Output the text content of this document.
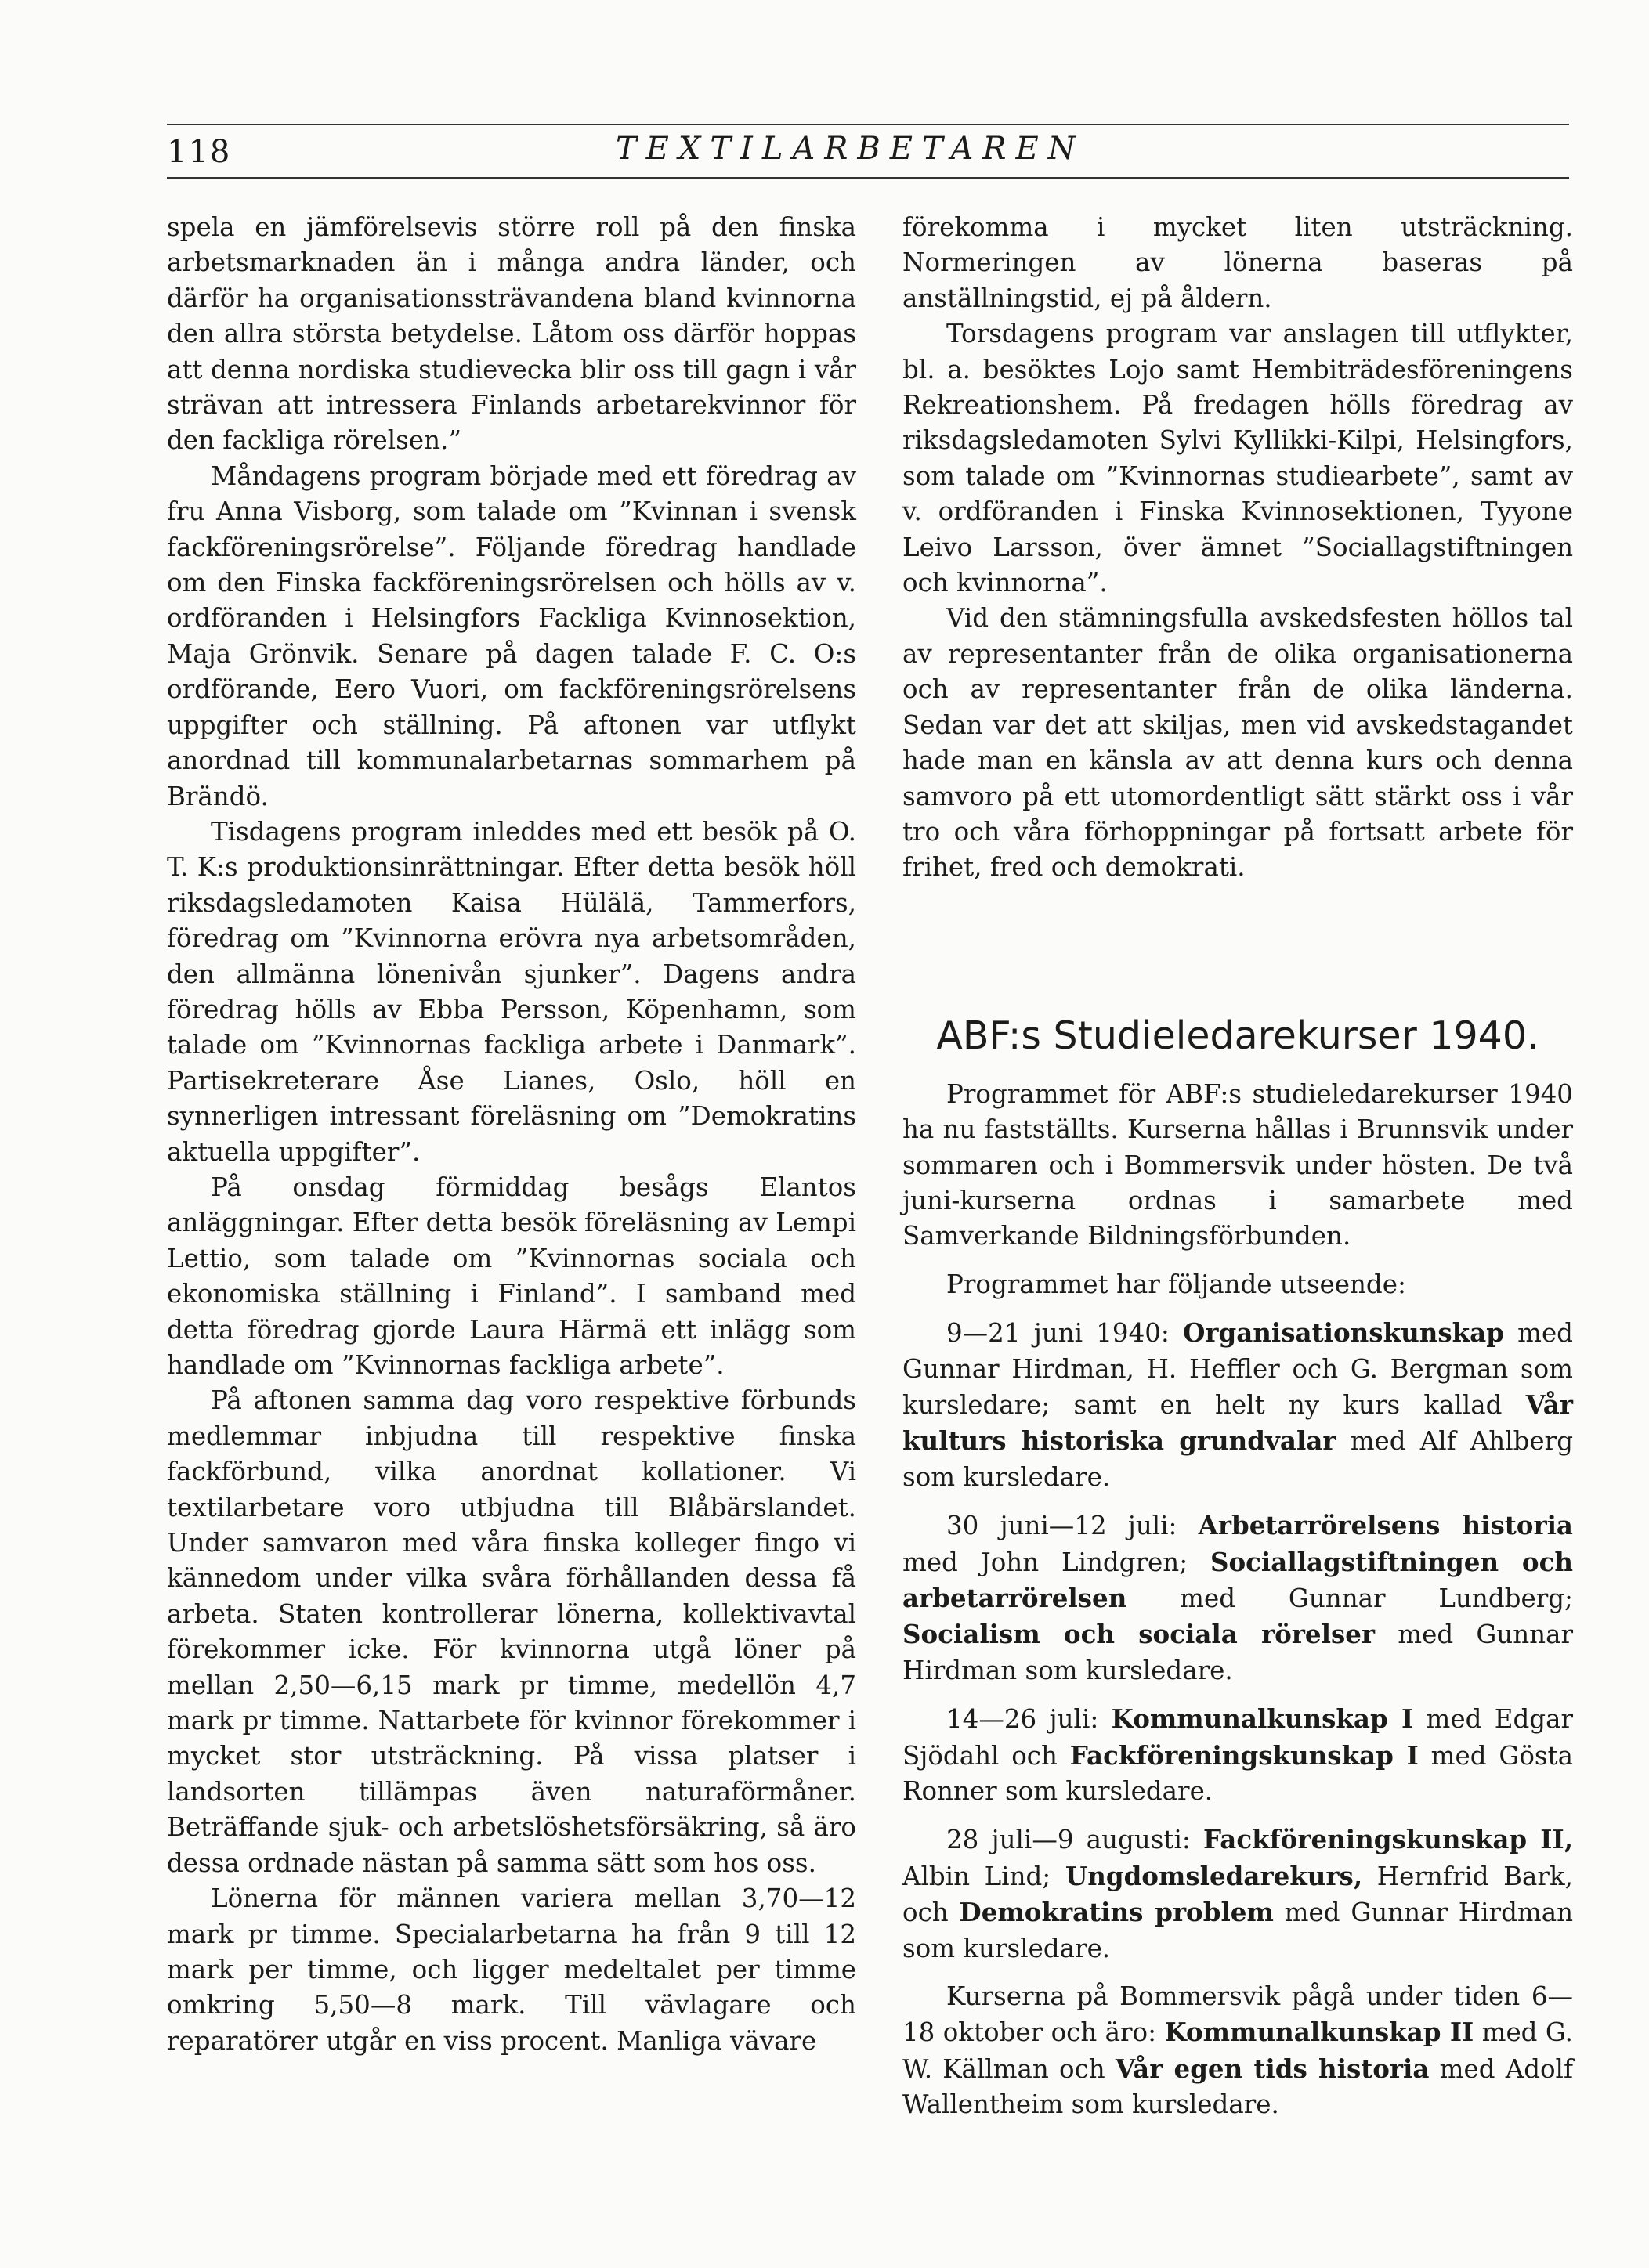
118	TEXTILARBETAREN

spela en jämförelsevis större roll på den finska arbetsmarknaden än i många andra länder, och därför ha organisationssträvandena bland kvinnorna den allra största betydelse. Låtom oss därför hoppas att denna nordiska studievecka blir oss till gagn i vår strävan att intressera Finlands arbetarekvinnor för den fackliga rörelsen.”

Måndagens program började med ett föredrag av fru Anna Visborg, som talade om ”Kvinnan i svensk fackföreningsrörelse”. Följande föredrag handlade om den Finska fackföreningsrörelsen och hölls av v. ordföranden i Helsingfors Fackliga Kvinnosektion, Maja Grönvik. Senare på dagen talade F. C. O:s ordförande, Eero Vuori, om fackföreningsrörelsens uppgifter och ställning. På aftonen var utflykt anordnad till kommunalarbetarnas sommarhem på Brändö.

Tisdagens program inleddes med ett besök på O. T. K:s produktionsinrättningar. Efter detta besök höll riksdagsledamoten Kaisa Hülälä, Tammerfors, föredrag om ”Kvinnorna erövra nya arbetsområden, den allmänna lönenivån sjunker”. Dagens andra föredrag hölls av Ebba Persson, Köpenhamn, som talade om ”Kvinnornas fackliga arbete i Danmark”. Partisekreterare Åse Lianes, Oslo, höll en synnerligen intressant föreläsning om ”Demokratins aktuella uppgifter”.

På onsdag förmiddag besågs Elantos anläggningar. Efter detta besök föreläsning av Lempi Lettio, som talade om ”Kvinnornas sociala och ekonomiska ställning i Finland”. I samband med detta föredrag gjorde Laura Härmä ett inlägg som handlade om ”Kvinnornas fackliga arbete”.

På aftonen samma dag voro respektive förbunds medlemmar inbjudna till respektive finska fackförbund, vilka anordnat kollationer. Vi textilarbetare voro utbjudna till Blåbärslandet. Under samvaron med våra finska kolleger fingo vi kännedom under vilka svåra förhållanden dessa få arbeta. Staten kontrollerar lönerna, kollektivavtal förekommer icke. För kvinnorna utgå löner på mellan 2,50—6,15 mark pr timme, medellön 4,7 mark pr timme. Nattarbete för kvinnor förekommer i mycket stor utsträckning. På vissa platser i landsorten tillämpas även naturaförmåner. Beträffande sjuk- och arbetslöshetsförsäkring, så äro dessa ordnade nästan på samma sätt som hos oss.

Lönerna för männen variera mellan 3,70—12 mark pr timme. Specialarbetarna ha från 9 till 12 mark per timme, och ligger medeltalet per timme omkring 5,50—8 mark. Till vävlagare och reparatörer utgår en viss procent. Manliga vävare

förekomma i mycket liten utsträckning. Normeringen av lönerna baseras på anställningstid, ej på åldern.

Torsdagens program var anslagen till utflykter, bl. a. besöktes Lojo samt Hembiträdesföreningens Rekreationshem. På fredagen hölls föredrag av riksdagsledamoten Sylvi Kyllikki-Kilpi, Helsingfors, som talade om ”Kvinnornas studiearbete”, samt av v. ordföranden i Finska Kvinnosektionen, Tyyone Leivo Larsson, över ämnet ”Sociallagstiftningen och kvinnorna”.

Vid den stämningsfulla avskedsfesten höllos tal av representanter från de olika organisationerna och av representanter från de olika länderna. Sedan var det att skiljas, men vid avskedstagandet hade man en känsla av att denna kurs och denna samvoro på ett utomordentligt sätt stärkt oss i vår tro och våra förhoppningar på fortsatt arbete för frihet, fred och demokrati.

ABF:s Studieledarekurser 1940.

Programmet för ABF:s studieledarekurser 1940 ha nu fastställts. Kurserna hållas i Brunnsvik under sommaren och i Bommersvik under hösten. De två juni-kurserna ordnas i samarbete med Samverkande Bildningsförbunden.

Programmet har följande utseende:

9—21 juni 1940: Organisationskunskap med Gunnar Hirdman, H. Heffler och G. Bergman som kursledare; samt en helt ny kurs kallad Vår kulturs historiska grundvalar med Alf Ahlberg som kursledare.

30 juni—12 juli: Arbetarrörelsens historia med John Lindgren; Sociallagstiftningen och arbetarrörelsen med Gunnar Lundberg; Socialism och sociala rörelser med Gunnar Hirdman som kursledare.

14—26 juli: Kommunalkunskap I med Edgar Sjödahl och Fackföreningskunskap I med Gösta Ronner som kursledare.

28 juli—9 augusti: Fackföreningskunskap II, Albin Lind; Ungdomsledarekurs, Hernfrid Bark, och Demokratins problem med Gunnar Hirdman som kursledare.

Kurserna på Bommersvik pågå under tiden 6—18 oktober och äro: Kommunalkunskap II med G. W. Källman och Vår egen tids historia med Adolf Wallentheim som kursledare.
